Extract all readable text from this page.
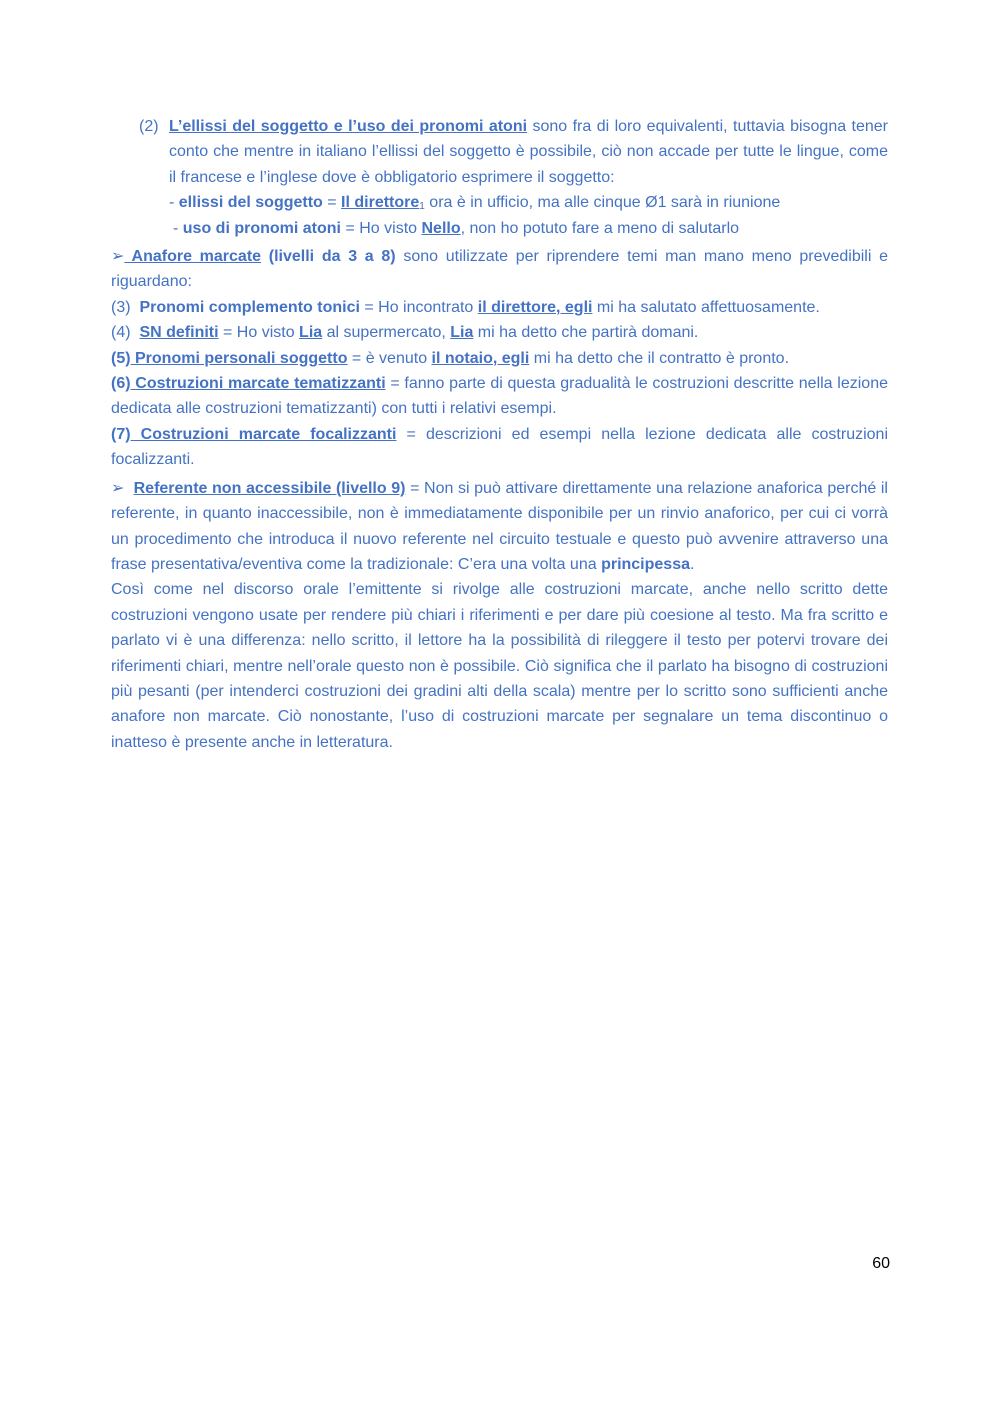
(2) L’ellissi del soggetto e l’uso dei pronomi atoni sono fra di loro equivalenti, tuttavia bisogna tener conto che mentre in italiano l’ellissi del soggetto è possibile, ciò non accade per tutte le lingue, come il francese e l’inglese dove è obbligatorio esprimere il soggetto:
- ellissi del soggetto = Il direttore$_1$ ora è in ufficio, ma alle cinque Ø1 sarà in riunione
- uso di pronomi atoni = Ho visto Nello, non ho potuto fare a meno di salutarlo

➢ Anafore marcate (livelli da 3 a 8) sono utilizzate per riprendere temi man mano meno prevedibili e riguardano:

(3) Pronomi complemento tonici = Ho incontrato il direttore, egli mi ha salutato affettuosamente.

(4) SN definiti = Ho visto Lia al supermercato, Lia mi ha detto che partirà domani.

(5) Pronomi personali soggetto = è venuto il notaio, egli mi ha detto che il contratto è pronto.

(6) Costruzioni marcate tematizzanti = fanno parte di questa gradualità le costruzioni descritte nella lezione dedicata alle costruzioni tematizzanti) con tutti i relativi esempi.

(7) Costruzioni marcate focalizzanti = descrizioni ed esempi nella lezione dedicata alle costruzioni focalizzanti.

➢ Referente non accessibile (livello 9) = Non si può attivare direttamente una relazione anaforica perché il referente, in quanto inaccessibile, non è immediatamente disponibile per un rinvio anaforico, per cui ci vorrà un procedimento che introduca il nuovo referente nel circuito testuale e questo può avvenire attraverso una frase presentativa/eventiva come la tradizionale: C’era una volta una principessa.

Così come nel discorso orale l’emittente si rivolge alle costruzioni marcate, anche nello scritto dette costruzioni vengono usate per rendere più chiari i riferimenti e per dare più coesione al testo. Ma fra scritto e parlato vi è una differenza: nello scritto, il lettore ha la possibilità di rileggere il testo per potervi trovare dei riferimenti chiari, mentre nell’orale questo non è possibile. Ciò significa che il parlato ha bisogno di costruzioni più pesanti (per intenderci costruzioni dei gradini alti della scala) mentre per lo scritto sono sufficienti anche anafore non marcate. Ciò nonostante, l’uso di costruzioni marcate per segnalare un tema discontinuo o inatteso è presente anche in letteratura.

60
